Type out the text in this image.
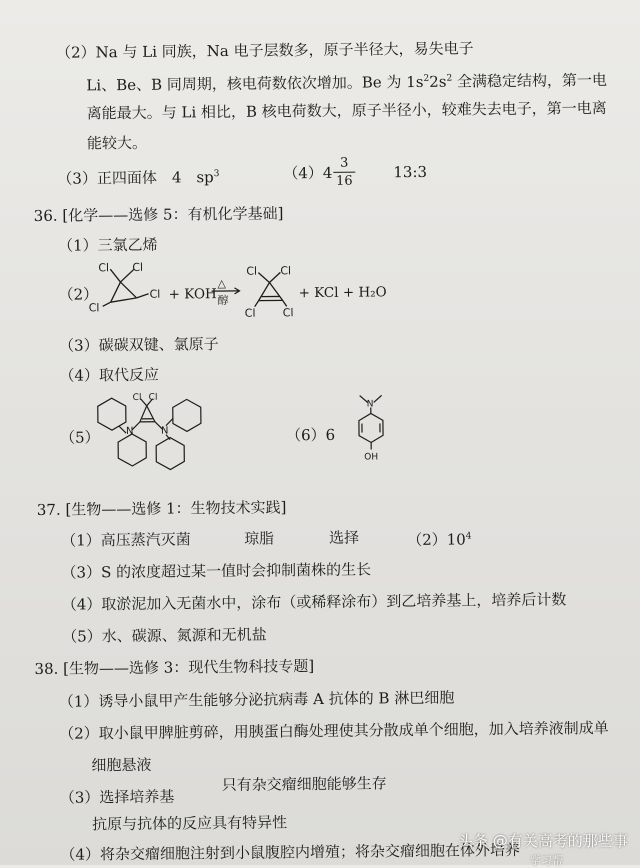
（2）Na 与 Li 同族，Na 电子层数多，原子半径大，易失电子
Li、Be、B 同周期，核电荷数依次增加。Be 为 $1s^22s^2$ 全满稳定结构，第一电
离能最大。与 Li 相比，B 核电荷数大，原子半径小，较难失去电子，第一电离
能较大。
（3）正四面体　4　$sp^3$	（4）4
3
16
13:3
36. [化学——选修 5：有机化学基础]
（1）三氯乙烯
（2）
Cl Cl
Cl
Cl
+ KOH
△
醇
Cl Cl
Cl Cl
+ KCl + H₂O
（3）碳碳双键、氯原子
（4）取代反应
（5）	N	N
Cl Cl
（6）6
N
OH
37. [生物——选修 1：生物技术实践]
（1）高压蒸汽灭菌	琼脂	选择	$(2)10^4$
（3）S 的浓度超过某一值时会抑制菌株的生长
（4）取淤泥加入无菌水中，涂布（或稀释涂布）到乙培养基上，培养后计数
（5）水、碳源、氮源和无机盐
38. [生物——选修 3：现代生物科技专题]
（1）诱导小鼠甲产生能够分泌抗病毒 A 抗体的 B 淋巴细胞
（2）取小鼠甲脾脏剪碎，用胰蛋白酶处理使其分散成单个细胞，加入培养液制成单
细胞悬液
（3）选择培养基
只有杂交瘤细胞能够生存
抗原与抗体的反应具有特异性
（4）将杂交瘤细胞注射到小鼠腹腔内增殖；将杂交瘤细胞在体外培养
头条 @有关高考的那些事
学习帮
